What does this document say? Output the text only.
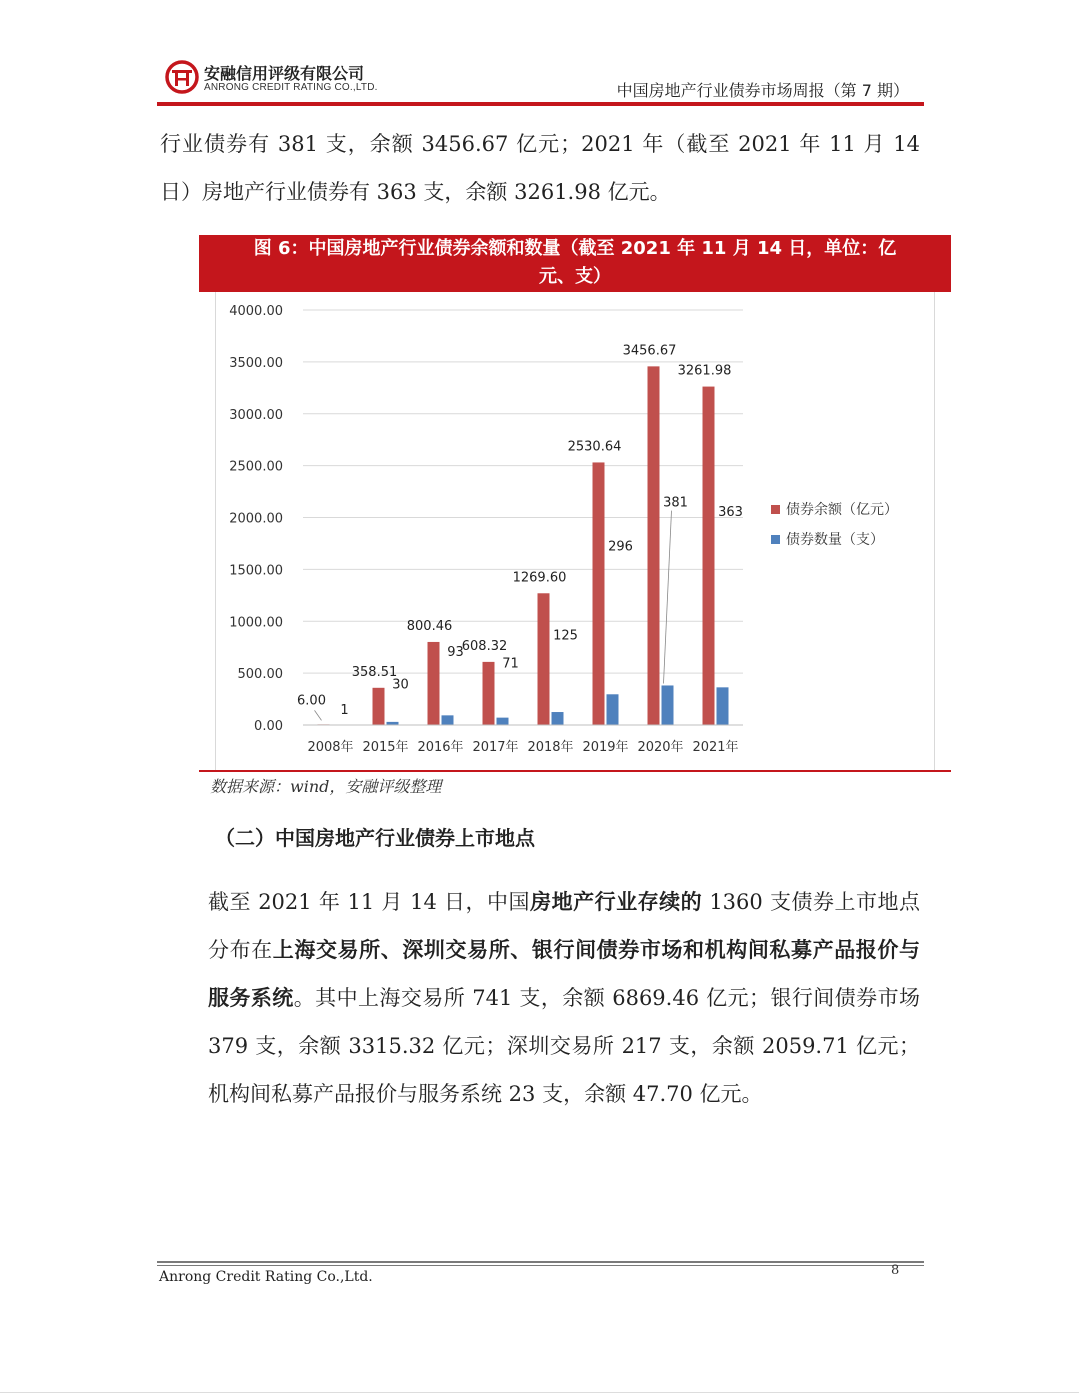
安融信用评级有限公司
ANRONG CREDIT RATING CO.,LTD.	中国房地产行业债券市场周报（第 7 期）

行业债券有 381 支，余额 3456.67 亿元；2021 年（截至 2021 年 11 月 14 日）房地产行业债券有 363 支，余额 3261.98 亿元。

图 6：中国房地产行业债券余额和数量（截至 2021 年 11 月 14 日，单位：亿
元、支）
0.00
500.00
1000.00
1500.00
2000.00
2500.00
3000.00
3500.00
4000.00
2008年
6.00
1
2015年
358.51
30
2016年
800.46
93
2017年
608.32
71
2018年
1269.60
125
2019年
2530.64
296
2020年
3456.67
381
2021年
3261.98
363	债券余额（亿元）
债券数量（支）
数据来源：wind，安融评级整理
（二）中国房地产行业债券上市地点

截至 2021 年 11 月 14 日，中国房地产行业存续的 1360 支债券上市地点分布在上海交易所、深圳交易所、银行间债券市场和机构间私募产品报价与服务系统。其中上海交易所 741 支，余额 6869.46 亿元；银行间债券市场 379 支，余额 3315.32 亿元；深圳交易所 217 支，余额 2059.71 亿元；机构间私募产品报价与服务系统 23 支，余额 47.70 亿元。

8
Anrong Credit Rating Co.,Ltd.
